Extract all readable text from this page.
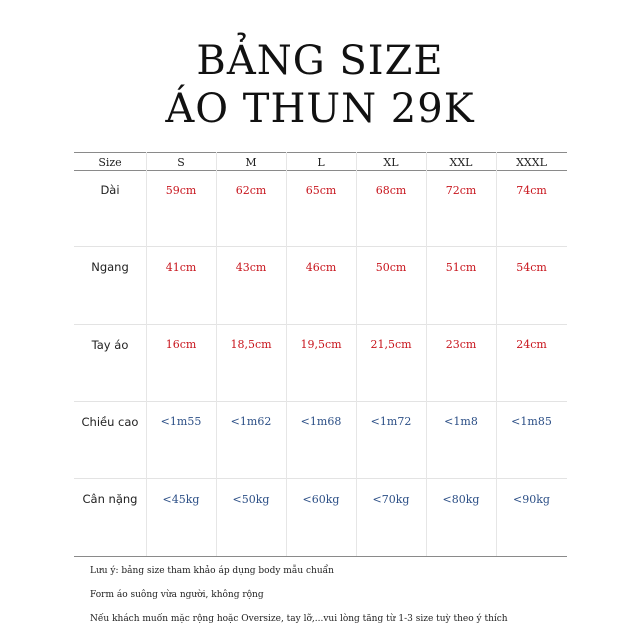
BẢNG SIZE
ÁO THUN 29K
Size	S	M	L	XL	XXL	XXXL
Dài	59cm	62cm	65cm	68cm	72cm	74cm
Ngang	41cm	43cm	46cm	50cm	51cm	54cm
Tay áo	16cm	18,5cm	19,5cm	21,5cm	23cm	24cm
Chiều cao	<1m55	<1m62	<1m68	<1m72	<1m8	<1m85
Cân nặng	<45kg	<50kg	<60kg	<70kg	<80kg	<90kg
Lưu ý: bảng size tham khảo áp dụng body mẫu chuẩn
Form áo suông vừa người, không rộng
Nếu khách muốn mặc rộng hoặc Oversize, tay lỡ,...vui lòng tăng từ 1-3 size tuỳ theo ý thích
